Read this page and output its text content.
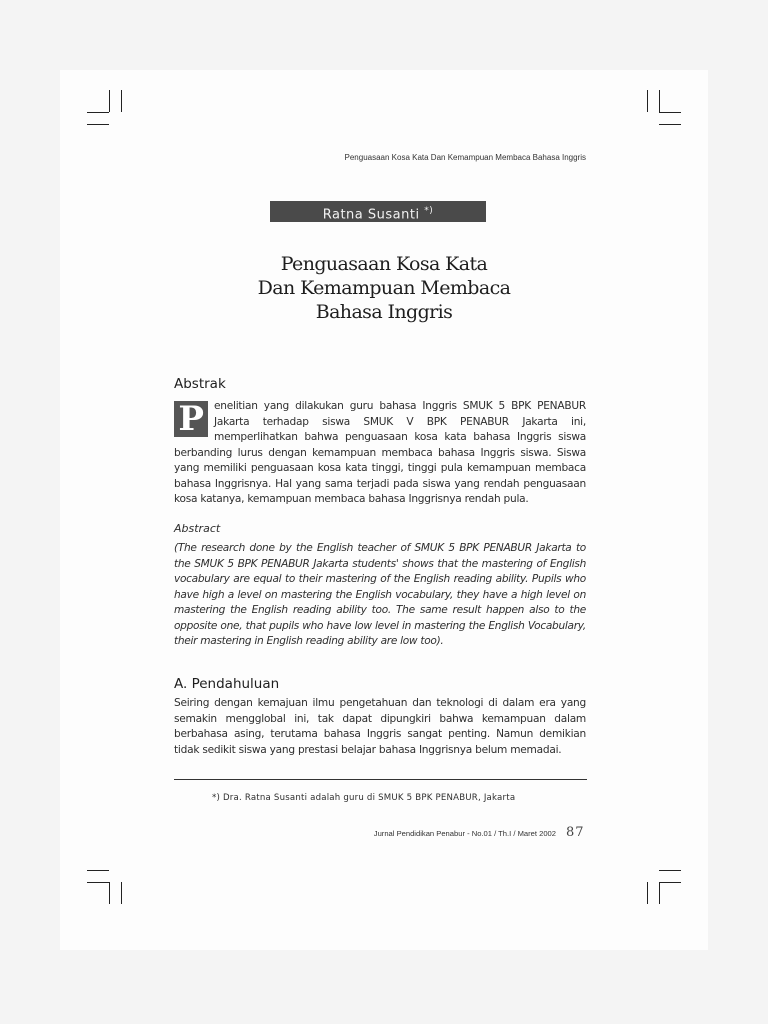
Penguasaan Kosa Kata Dan Kemampuan Membaca Bahasa Inggris
Ratna Susanti *)
Penguasaan Kosa Kata
Dan Kemampuan Membaca
Bahasa Inggris
Abstrak
P enelitian yang dilakukan guru bahasa Inggris SMUK 5 BPK PENABUR Jakarta terhadap siswa SMUK V BPK PENABUR Jakarta ini, memperlihatkan bahwa penguasaan kosa kata bahasa Inggris siswa berbanding lurus dengan kemampuan membaca bahasa Inggris siswa. Siswa yang memiliki penguasaan kosa kata tinggi, tinggi pula kemampuan membaca bahasa Inggrisnya. Hal yang sama terjadi pada siswa yang rendah penguasaan kosa katanya, kemampuan membaca bahasa Inggrisnya rendah pula.
Abstract
(The research done by the English teacher of SMUK 5 BPK PENABUR Jakarta to the SMUK 5 BPK PENABUR Jakarta students' shows that the mastering of English vocabulary are equal to their mastering of the English reading ability. Pupils who have high a level on mastering the English vocabulary, they have a high level on mastering the English reading ability too. The same result happen also to the opposite one, that pupils who have low level in mastering the English Vocabulary, their mastering in English reading ability are low too).
A. Pendahuluan
Seiring dengan kemajuan ilmu pengetahuan dan teknologi di dalam era yang semakin mengglobal ini, tak dapat dipungkiri bahwa kemampuan dalam berbahasa asing, terutama bahasa Inggris sangat penting. Namun demikian tidak sedikit siswa yang prestasi belajar bahasa Inggrisnya belum memadai.
*) Dra. Ratna Susanti adalah guru di SMUK 5 BPK PENABUR, Jakarta
Jurnal Pendidikan Penabur - No.01 / Th.I / Maret 2002 87
